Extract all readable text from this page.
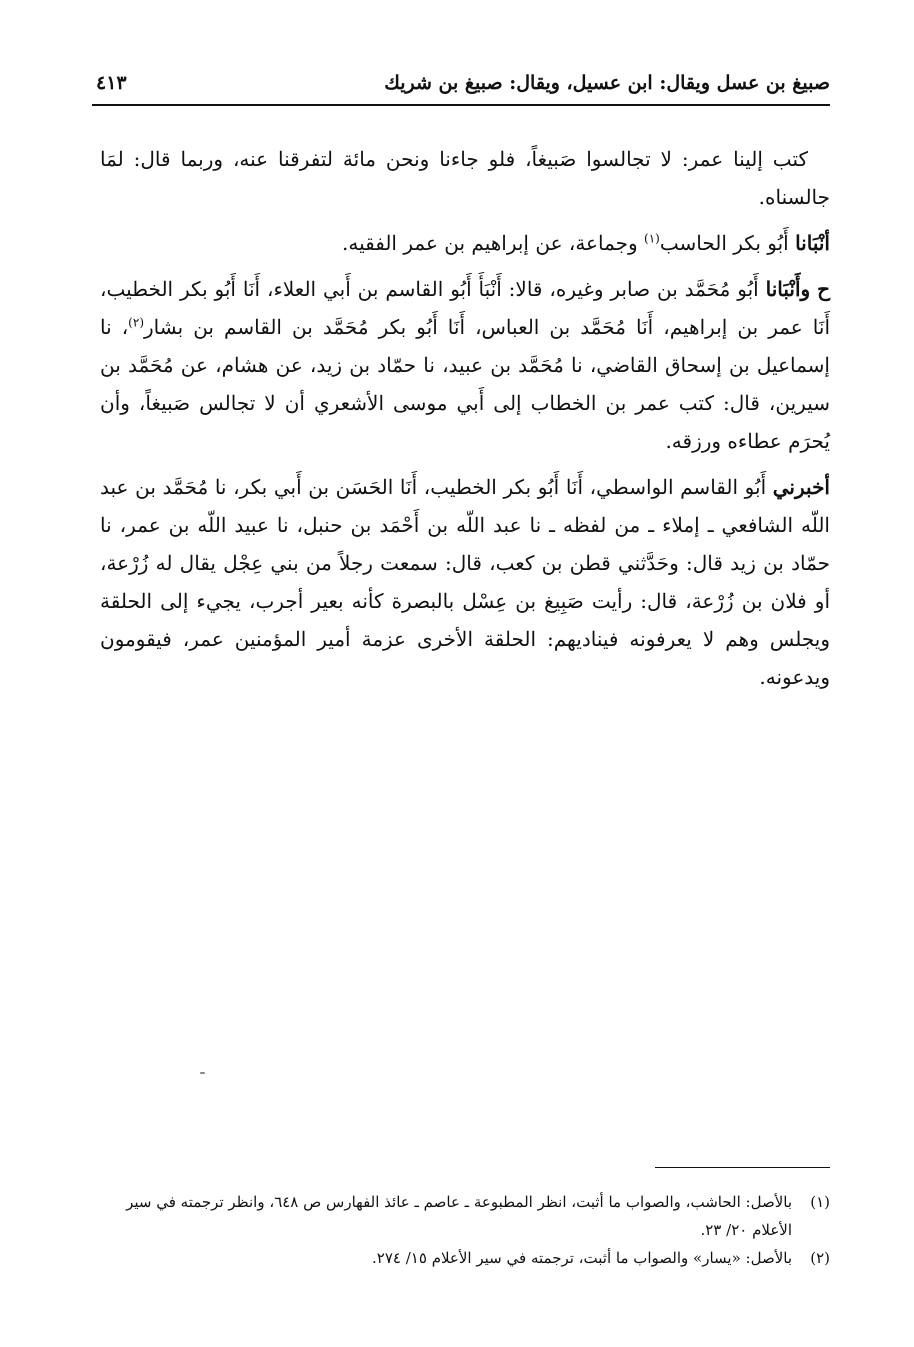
صبيغ بن عسل ويقال: ابن عسيل، ويقال: صبيغ بن شريك
٤١٣

كتب إلينا عمر: لا تجالسوا صَبيغاً، فلو جاءنا ونحن مائة لتفرقنا عنه، وربما قال: لمَا جالسناه.

أنْبَانا أَبُو بكر الحاسب$^{(١)}$ وجماعة، عن إبراهيم بن عمر الفقيه.

ح وأَنْبَانا أَبُو مُحَمَّد بن صابر وغيره، قالا: أَنْبَأَ أَبُو القاسم بن أَبي العلاء، أَنَا أَبُو بكر الخطيب، أَنَا عمر بن إبراهيم، أَنَا مُحَمَّد بن العباس، أَنَا أَبُو بكر مُحَمَّد بن القاسم بن بشار$^{(٢)}$، نا إسماعيل بن إسحاق القاضي، نا مُحَمَّد بن عبيد، نا حمّاد بن زيد، عن هشام، عن مُحَمَّد بن سيرين، قال: كتب عمر بن الخطاب إلى أَبي موسى الأشعري أن لا تجالس صَبيغاً، وأن يُحرَم عطاءه ورزقه.

أخبرني أَبُو القاسم الواسطي، أَنَا أَبُو بكر الخطيب، أَنَا الحَسَن بن أَبي بكر، نا مُحَمَّد بن عبد اللّه الشافعي ـ إملاء ـ من لفظه ـ نا عبد اللّه بن أَحْمَد بن حنبل، نا عبيد اللّه بن عمر، نا حمّاد بن زيد قال: وحَدَّثني قطن بن كعب، قال: سمعت رجلاً من بني عِجْل يقال له زُرْعة، أو فلان بن زُرْعة، قال: رأيت صَبِيغ بن عِسْل بالبصرة كأنه بعير أجرب، يجيء إلى الحلقة ويجلس وهم لا يعرفونه فيناديهم: الحلقة الأخرى عزمة أمير المؤمنين عمر، فيقومون ويدعونه.

(١)
بالأصل: الحاشب، والصواب ما أثبت، انظر المطبوعة ـ عاصم ـ عائذ الفهارس ص ٦٤٨، وانظر ترجمته في سير الأعلام ٢٠/ ٢٣.
(٢)
بالأصل: «يسار» والصواب ما أثبت، ترجمته في سير الأعلام ١٥/ ٢٧٤.
